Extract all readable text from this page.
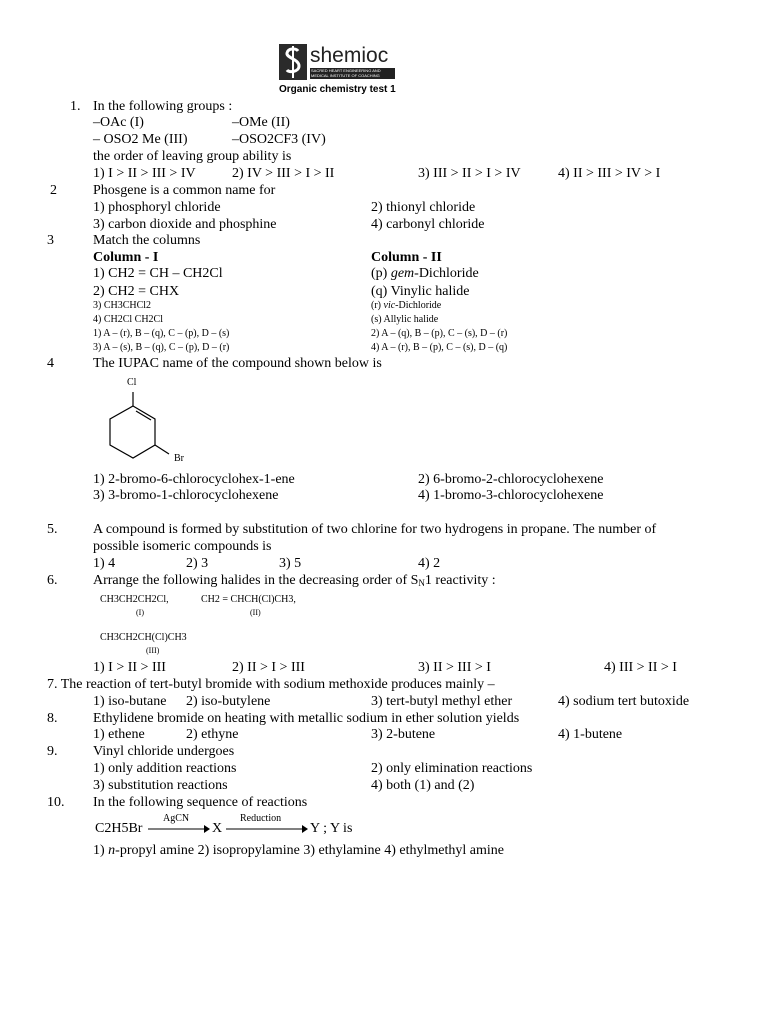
shemioc
SACRED HEART ENGINEERING AND MEDICAL INSTITUTE OF COACHING
Organic chemistry test 1
1. In the following groups :
–OAc (I)	–OMe (II)
– OSO2 Me (III)	–OSO2CF3 (IV)
the order of leaving group ability is
1) I > II > III > IV	2) IV > III > I > II	3) III > II > I > IV	4) II > III > IV > I
2	Phosgene is a common name for
1) phosphoryl chloride	2) thionyl chloride
3) carbon dioxide and phosphine	4) carbonyl chloride
3	Match the columns
Column - I	Column - II
1) CH2 = CH – CH2Cl	(p) gem-Dichloride
2) CH2 = CHX	(q) Vinylic halide
3) CH3CHCl2	(r) vic-Dichloride
4) CH2Cl CH2Cl	(s) Allylic halide
1) A – (r), B – (q), C – (p), D – (s)	2) A – (q), B – (p), C – (s), D – (r)
3) A – (s), B – (q), C – (p), D – (r)	4) A – (r), B – (p), C – (s), D – (q)
4	The IUPAC name of the compound shown below is
Cl
Br
1) 2-bromo-6-chlorocyclohex-1-ene	2) 6-bromo-2-chlorocyclohexene
3) 3-bromo-1-chlorocyclohexene	4) 1-bromo-3-chlorocyclohexene
5.	A compound is formed by substitution of two chlorine for two hydrogens in propane. The number of
possible isomeric compounds is
1) 4	2) 3	3) 5	4) 2
6.	Arrange the following halides in the decreasing order of $S_N1$ reactivity :
CH3CH2CH2Cl,
(I)
CH2 = CHCH(Cl)CH3,
(II)
CH3CH2CH(Cl)CH3
(III)
1) I > II > III	2) II > I > III	3) II > III > I	4) III > II > I
7. The reaction of tert-butyl bromide with sodium methoxide produces mainly –
1) iso-butane 2) iso-butylene	3) tert-butyl methyl ether	4) sodium tert butoxide
8.	Ethylidene bromide on heating with metallic sodium in ether solution yields
1) ethene	2) ethyne	3) 2-butene	4) 1-butene
9.	Vinyl chloride undergoes
1) only addition reactions	2) only elimination reactions
3) substitution reactions	4) both (1) and (2)
10. In the following sequence of reactions
C2H5Br
AgCN
→ X
Reduction
Y ; Y is
1) n-propyl amine 2) isopropylamine 3) ethylamine 4) ethylmethyl amine
